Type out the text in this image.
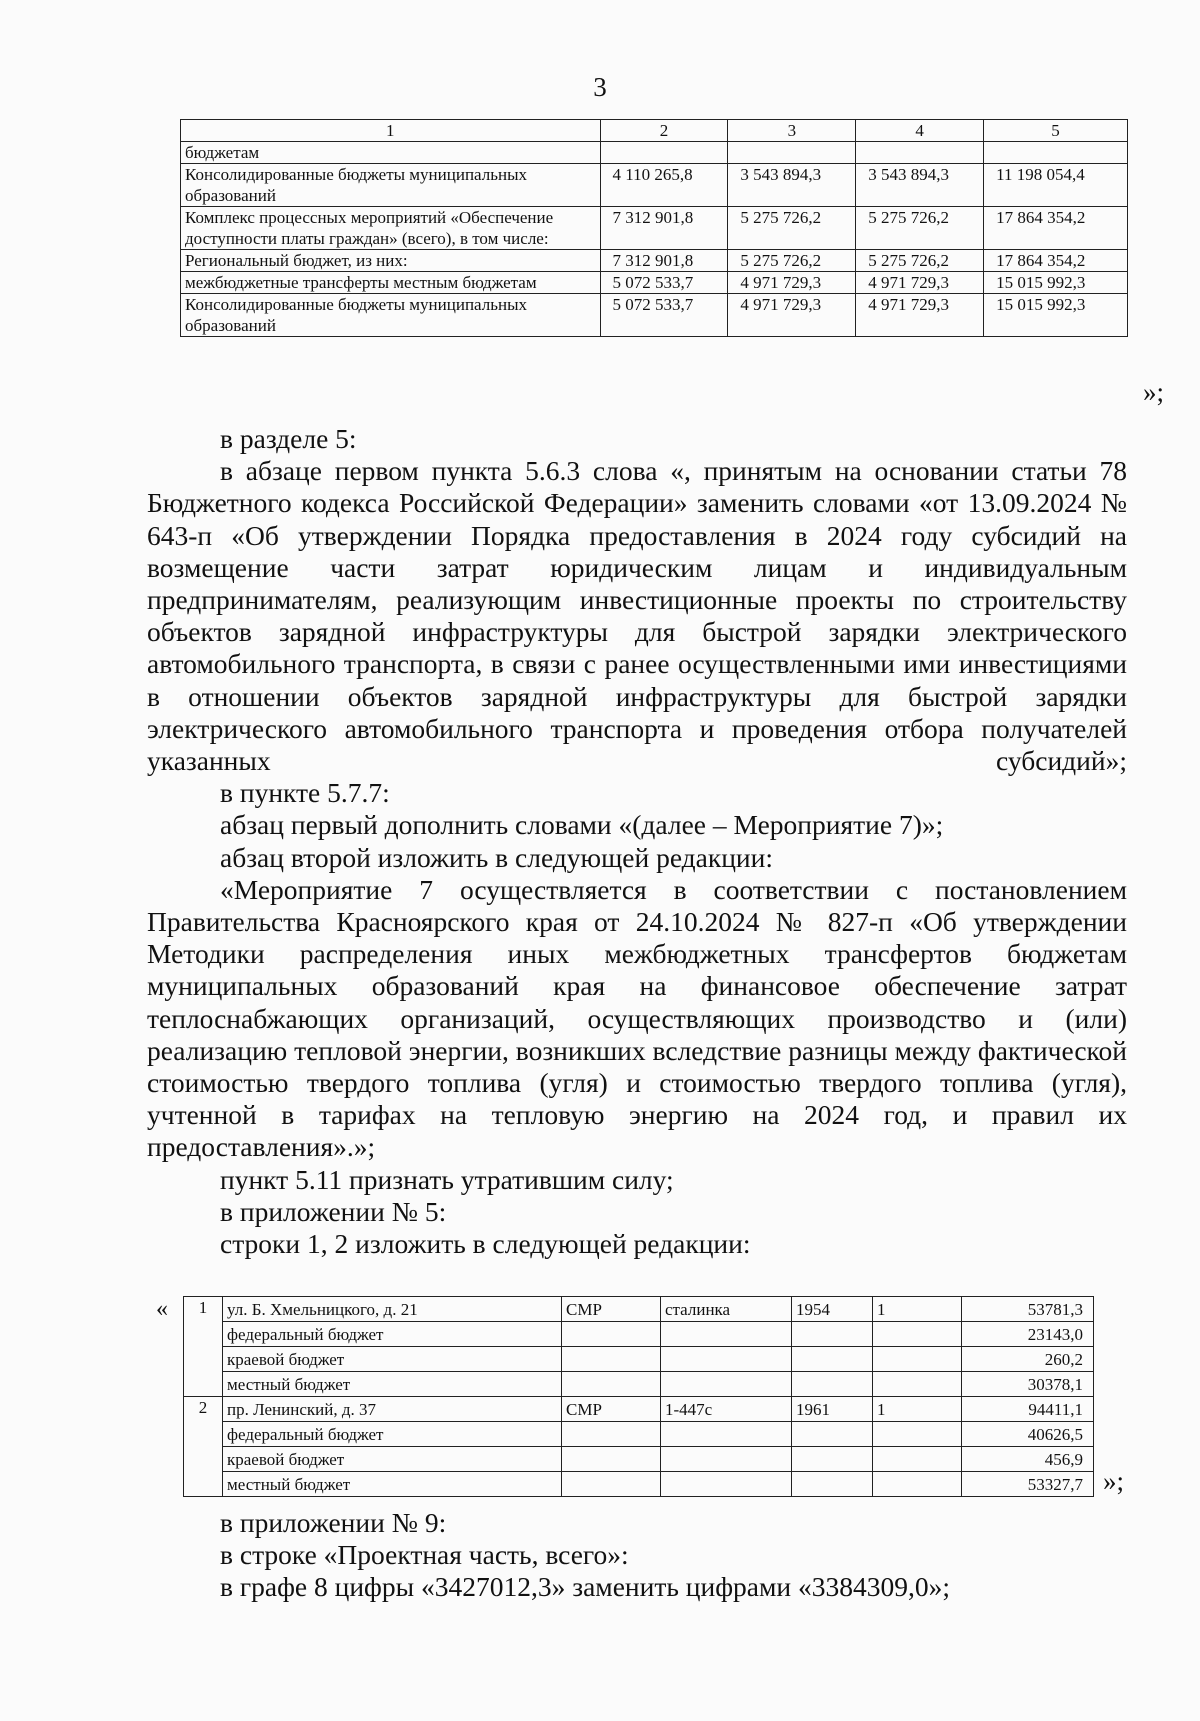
3
1	2	3	4	5
бюджетам				
Консолидированные бюджеты муниципальных образований	4 110 265,8	3 543 894,3	3 543 894,3	11 198 054,4
Комплекс процессных мероприятий «Обеспечение доступности платы граждан» (всего), в том числе:	7 312 901,8	5 275 726,2	5 275 726,2	17 864 354,2
Региональный бюджет, из них:	7 312 901,8	5 275 726,2	5 275 726,2	17 864 354,2
межбюджетные трансферты местным бюджетам	5 072 533,7	4 971 729,3	4 971 729,3	15 015 992,3
Консолидированные бюджеты муниципальных образований	5 072 533,7	4 971 729,3	4 971 729,3	15 015 992,3
»;

в разделе 5:

в абзаце первом пункта 5.6.3 слова «, принятым на основании статьи 78 Бюджетного кодекса Российской Федерации» заменить словами «от 13.09.2024 № 643-п «Об утверждении Порядка предоставления в 2024 году субсидий на возмещение части затрат юридическим лицам и индивидуальным предпринимателям, реализующим инвестиционные проекты по строительству объектов зарядной инфраструктуры для быстрой зарядки электрического автомобильного транспорта, в связи с ранее осуществленными ими инвестициями в отношении объектов зарядной инфраструктуры для быстрой зарядки электрического автомобильного транспорта и проведения отбора получателей указанных субсидий»;

в пункте 5.7.7:

абзац первый дополнить словами «(далее – Мероприятие 7)»;

абзац второй изложить в следующей редакции:

«Мероприятие 7 осуществляется в соответствии с постановлением Правительства Красноярского края от 24.10.2024 № 827-п «Об утверждении Методики распределения иных межбюджетных трансфертов бюджетам муниципальных образований края на финансовое обеспечение затрат теплоснабжающих организаций, осуществляющих производство и (или) реализацию тепловой энергии, возникших вследствие разницы между фактической стоимостью твердого топлива (угля) и стоимостью твердого топлива (угля), учтенной в тарифах на тепловую энергию на 2024 год, и правил их предоставления».»;

пункт 5.11 признать утратившим силу;

в приложении № 5:

строки 1, 2 изложить в следующей редакции:

« 1	ул. Б. Хмельницкого, д. 21	СМР	сталинка	1954	1	53781,3
	федеральный бюджет					23143,0
	краевой бюджет					260,2
	местный бюджет					30378,1
2	пр. Ленинский, д. 37	СМР	1-447с	1961	1	94411,1
	федеральный бюджет					40626,5
	краевой бюджет					456,9
	местный бюджет					53327,7 »;

в приложении № 9:

в строке «Проектная часть, всего»:

в графе 8 цифры «3427012,3» заменить цифрами «3384309,0»;
